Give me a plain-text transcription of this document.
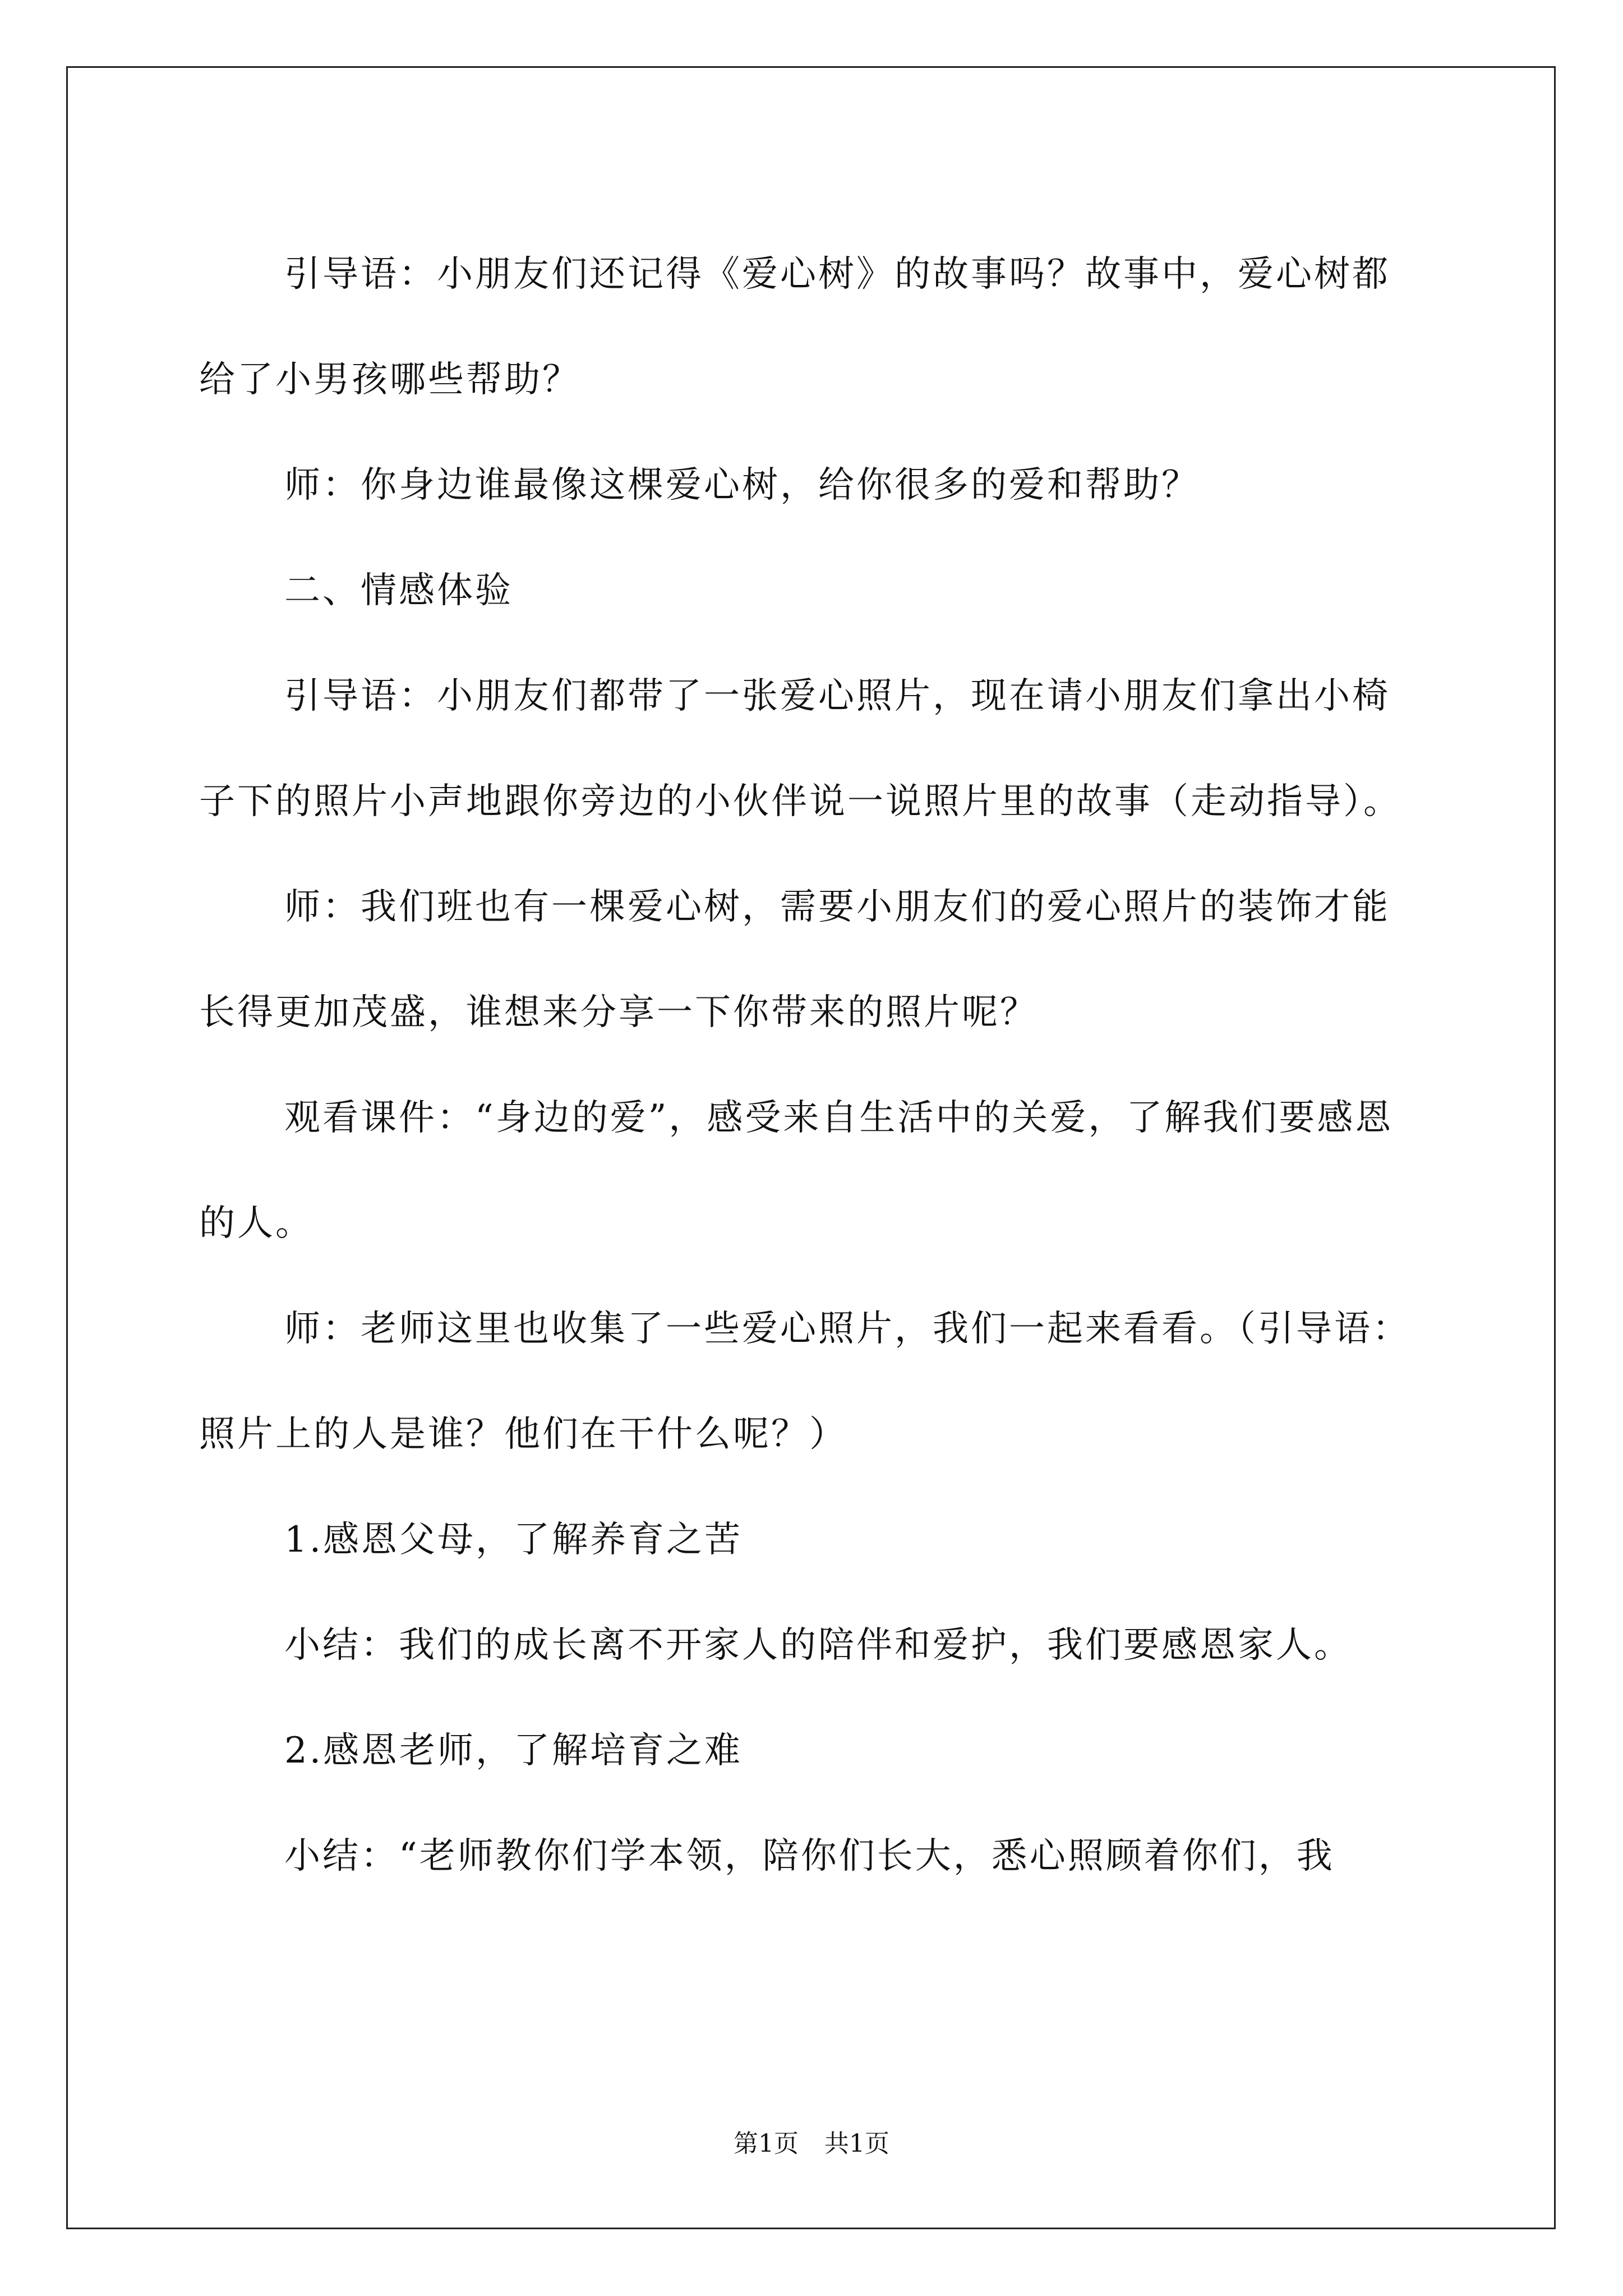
引导语：小朋友们还记得《爱心树》的故事吗？故事中，爱心树都给了小男孩哪些帮助？

师：你身边谁最像这棵爱心树，给你很多的爱和帮助？

二、情感体验

引导语：小朋友们都带了一张爱心照片，现在请小朋友们拿出小椅子下的照片小声地跟你旁边的小伙伴说一说照片里的故事（走动指导）。

师：我们班也有一棵爱心树，需要小朋友们的爱心照片的装饰才能长得更加茂盛，谁想来分享一下你带来的照片呢？

观看课件：“身边的爱”，感受来自生活中的关爱，了解我们要感恩的人。

师：老师这里也收集了一些爱心照片，我们一起来看看。（引导语：照片上的人是谁？他们在干什么呢？）

1.感恩父母，了解养育之苦

小结：我们的成长离不开家人的陪伴和爱护，我们要感恩家人。

2.感恩老师，了解培育之难

小结：“老师教你们学本领，陪你们长大，悉心照顾着你们，我

第1页 共1页
